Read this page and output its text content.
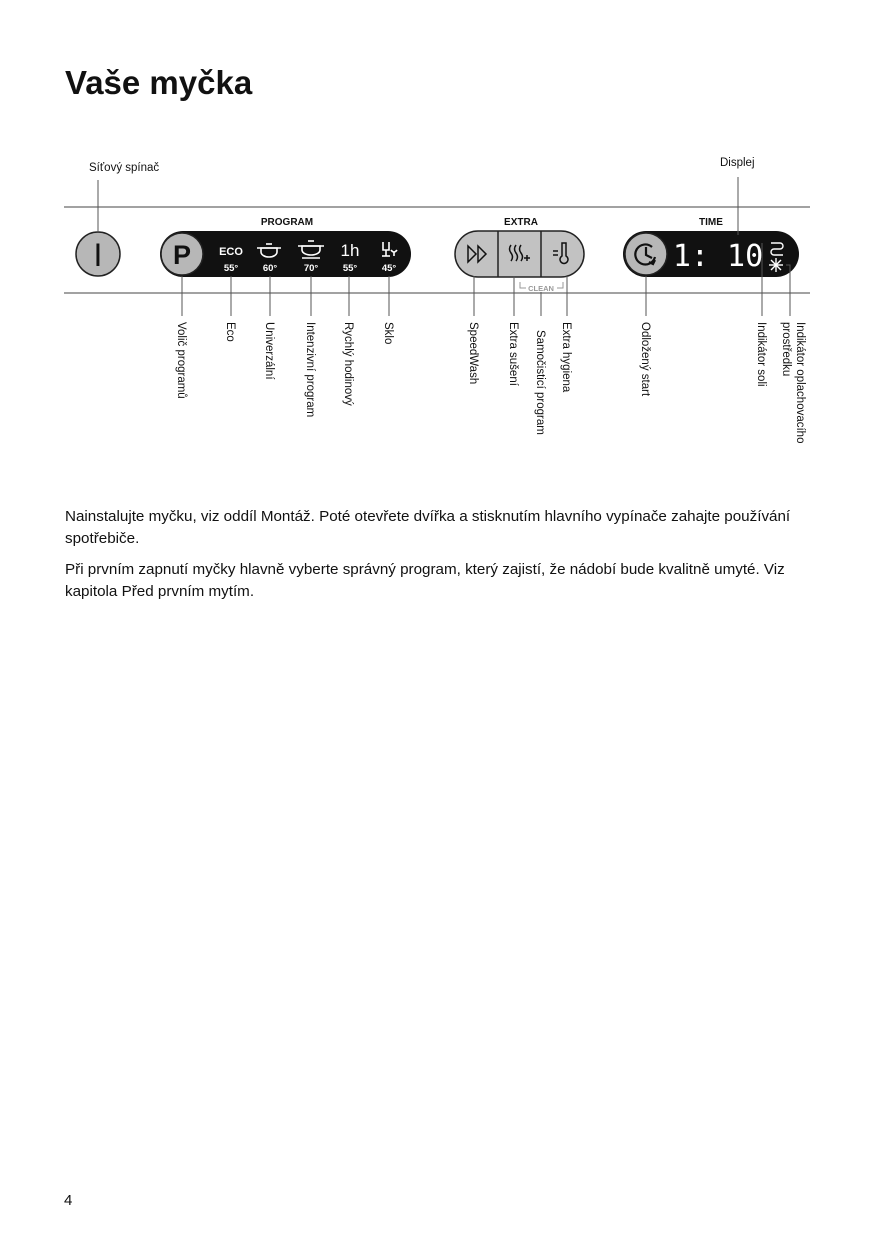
Vaše myčka
PROGRAM	EXTRA	TIME
I	P	ECO
55°	60°	70°
1h
55°	45°
CLEAN
1: 10
Síťový spínač	Displej
Volič programů	Eco Univerzální	Intenzivní program Rychlý hodinový Sklo	SpeedWash Extra sušení Samočisticí program Extra hygiena	Odložený start	Indikátor soli Indikátor oplachovacího
prostředku

Nainstalujte myčku, viz oddíl Montáž. Poté otevřete dvířka a stisknutím hlavního vypínače zahajte používání spotřebiče.

Při prvním zapnutí myčky hlavně vyberte správný program, který zajistí, že nádobí bude kvalitně umyté. Viz kapitola Před prvním mytím.

4
